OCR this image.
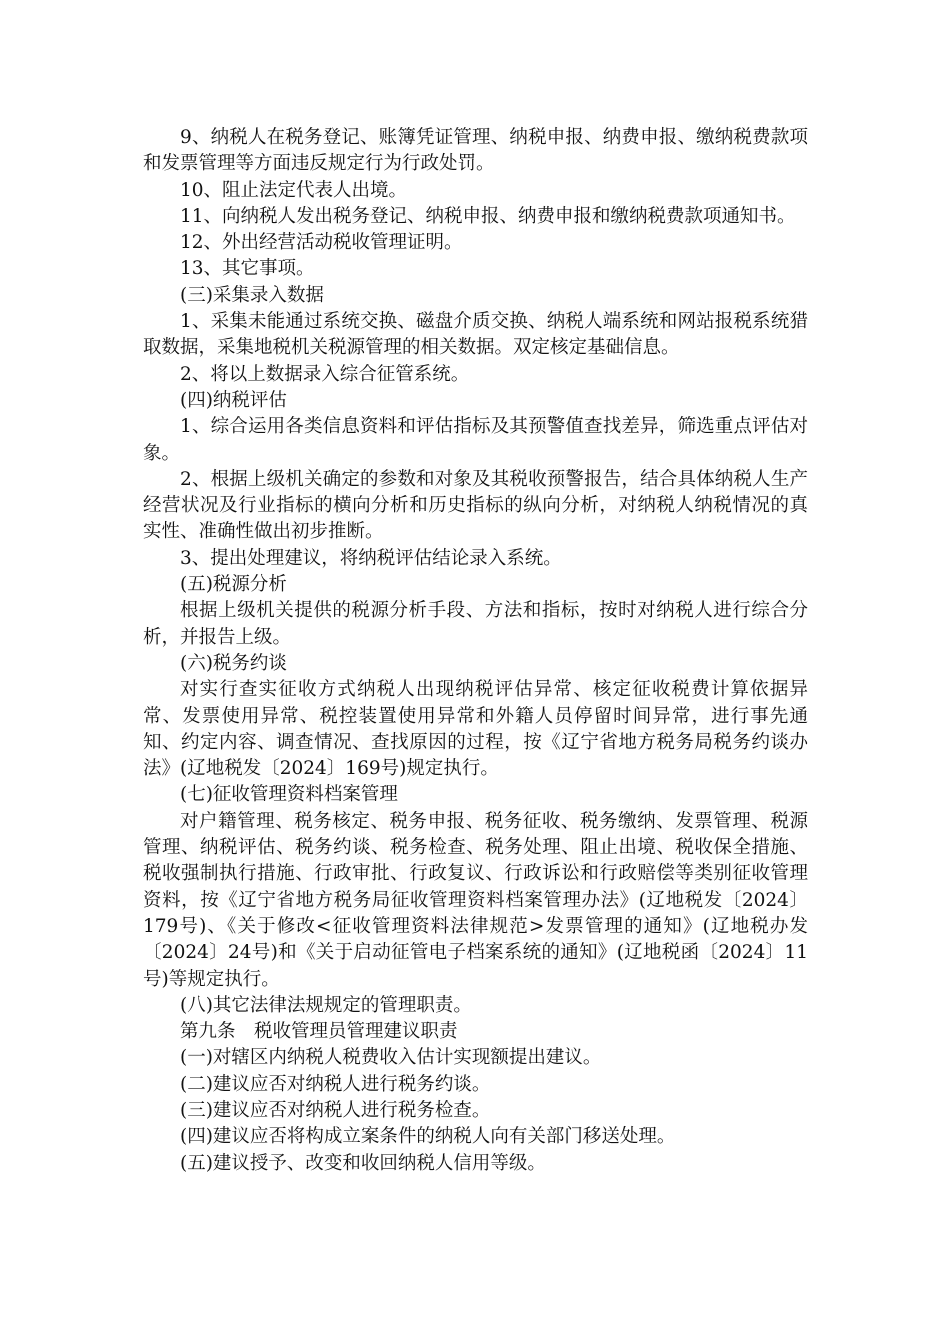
9、纳税人在税务登记、账簿凭证管理、纳税申报、纳费申报、缴纳税费款项和发票管理等方面违反规定行为行政处罚。

10、阻止法定代表人出境。

11、向纳税人发出税务登记、纳税申报、纳费申报和缴纳税费款项通知书。

12、外出经营活动税收管理证明。

13、其它事项。

(三)采集录入数据

1、采集未能通过系统交换、磁盘介质交换、纳税人端系统和网站报税系统猎取数据，采集地税机关税源管理的相关数据。双定核定基础信息。

2、将以上数据录入综合征管系统。

(四)纳税评估

1、综合运用各类信息资料和评估指标及其预警值查找差异，筛选重点评估对象。

2、根据上级机关确定的参数和对象及其税收预警报告，结合具体纳税人生产经营状况及行业指标的横向分析和历史指标的纵向分析，对纳税人纳税情况的真实性、准确性做出初步推断。

3、提出处理建议，将纳税评估结论录入系统。

(五)税源分析

根据上级机关提供的税源分析手段、方法和指标，按时对纳税人进行综合分析，并报告上级。

(六)税务约谈

对实行查实征收方式纳税人出现纳税评估异常、核定征收税费计算依据异常、发票使用异常、税控装置使用异常和外籍人员停留时间异常，进行事先通知、约定内容、调查情况、查找原因的过程，按《辽宁省地方税务局税务约谈办法》(辽地税发〔2024〕169号)规定执行。

(七)征收管理资料档案管理

对户籍管理、税务核定、税务申报、税务征收、税务缴纳、发票管理、税源管理、纳税评估、税务约谈、税务检查、税务处理、阻止出境、税收保全措施、税收强制执行措施、行政审批、行政复议、行政诉讼和行政赔偿等类别征收管理资料，按《辽宁省地方税务局征收管理资料档案管理办法》(辽地税发〔2024〕179号)、《关于修改<征收管理资料法律规范>发票管理的通知》(辽地税办发〔2024〕24号)和《关于启动征管电子档案系统的通知》(辽地税函〔2024〕11号)等规定执行。

(八)其它法律法规规定的管理职责。

第九条　税收管理员管理建议职责

(一)对辖区内纳税人税费收入估计实现额提出建议。

(二)建议应否对纳税人进行税务约谈。

(三)建议应否对纳税人进行税务检查。

(四)建议应否将构成立案条件的纳税人向有关部门移送处理。

(五)建议授予、改变和收回纳税人信用等级。
